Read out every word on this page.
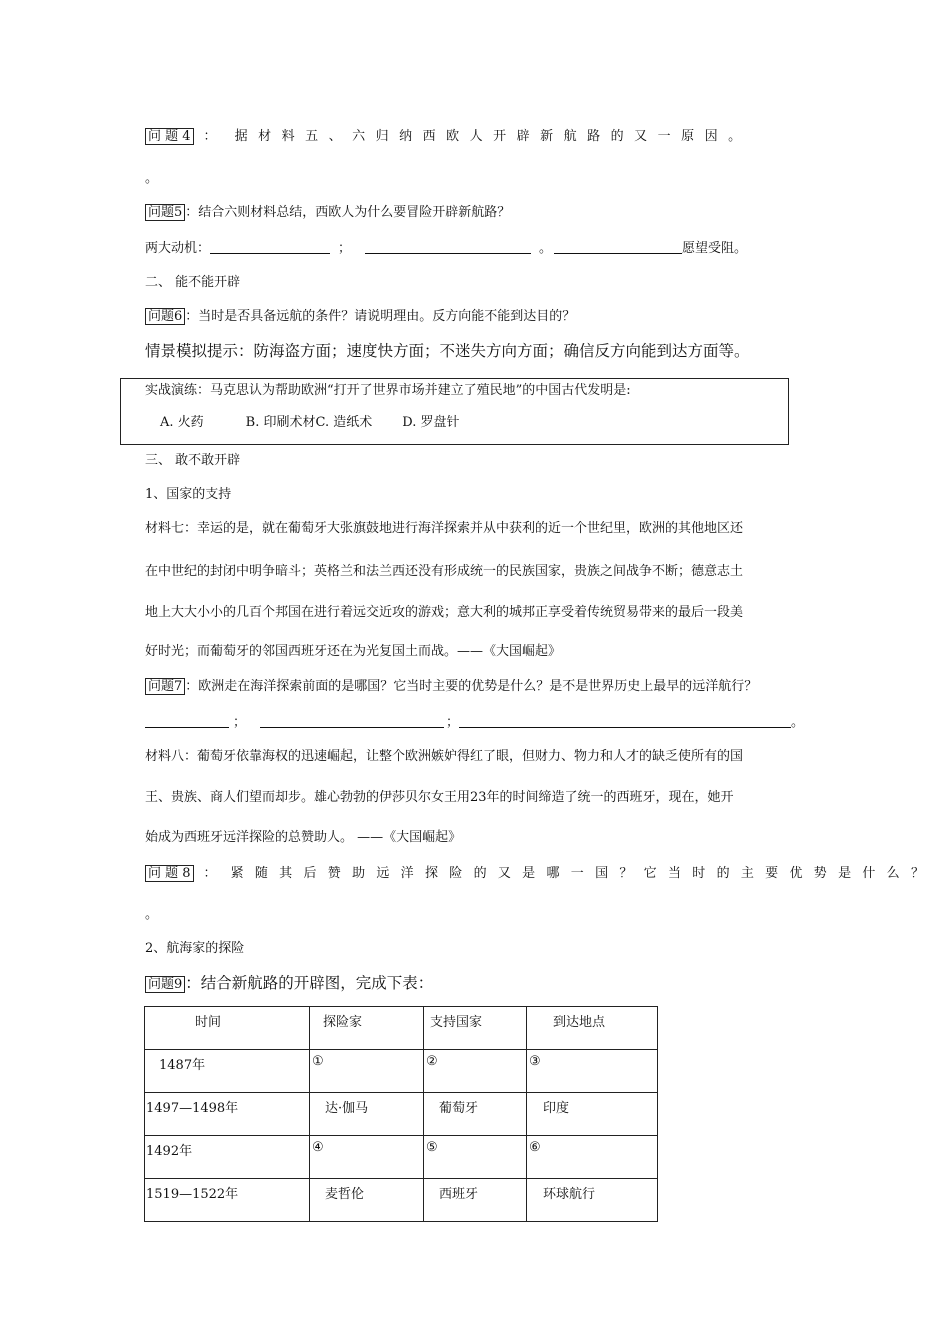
问 题 4 ： 据材料五、六归纳西欧人开辟新航路的又一原因。
。
问题5 ：结合六则材料总结，西欧人为什么要冒险开辟新航路？
两大动机：	；	。	愿望受阻。
二、 能不能开辟
问题6 ：当时是否具备远航的条件？请说明理由。反方向能不能到达目的？
情景模拟提示：防海盗方面；速度快方面；不迷失方向方面；确信反方向能到达方面等。
实战演练：马克思认为帮助欧洲“打开了世界市场并建立了殖民地”的中国古代发明是:
A. 火药	B. 印刷术材C. 造纸术 D. 罗盘针
三、 敢不敢开辟
1、国家的支持
材料七：幸运的是，就在葡萄牙大张旗鼓地进行海洋探索并从中获利的近一个世纪里，欧洲的其他地区还
在中世纪的封闭中明争暗斗；英格兰和法兰西还没有形成统一的民族国家，贵族之间战争不断；德意志土
地上大大小小的几百个邦国在进行着远交近攻的游戏；意大利的城邦正享受着传统贸易带来的最后一段美
好时光；而葡萄牙的邻国西班牙还在为光复国土而战。——《大国崛起》
问题7 ：欧洲走在海洋探索前面的是哪国？它当时主要的优势是什么？是不是世界历史上最早的远洋航行？
；	；	。
材料八：葡萄牙依靠海权的迅速崛起，让整个欧洲嫉妒得红了眼，但财力、物力和人才的缺乏使所有的国
王、贵族、商人们望而却步。雄心勃勃的伊莎贝尔女王用23年的时间缔造了统一的西班牙，现在，她开
始成为西班牙远洋探险的总赞助人。 ——《大国崛起》
问 题 8 ： 紧随其后赞助远洋探险的又是哪一国？它当时的主要优势是什么？
。
2、航海家的探险
问题9 ：结合新航路的开辟图，完成下表：
时间	探险家	支持国家	到达地点
1487年	①	②	③
1497—1498年	达·伽马	葡萄牙	印度
1492年	④	⑤	⑥
1519—1522年	麦哲伦	西班牙	环球航行
